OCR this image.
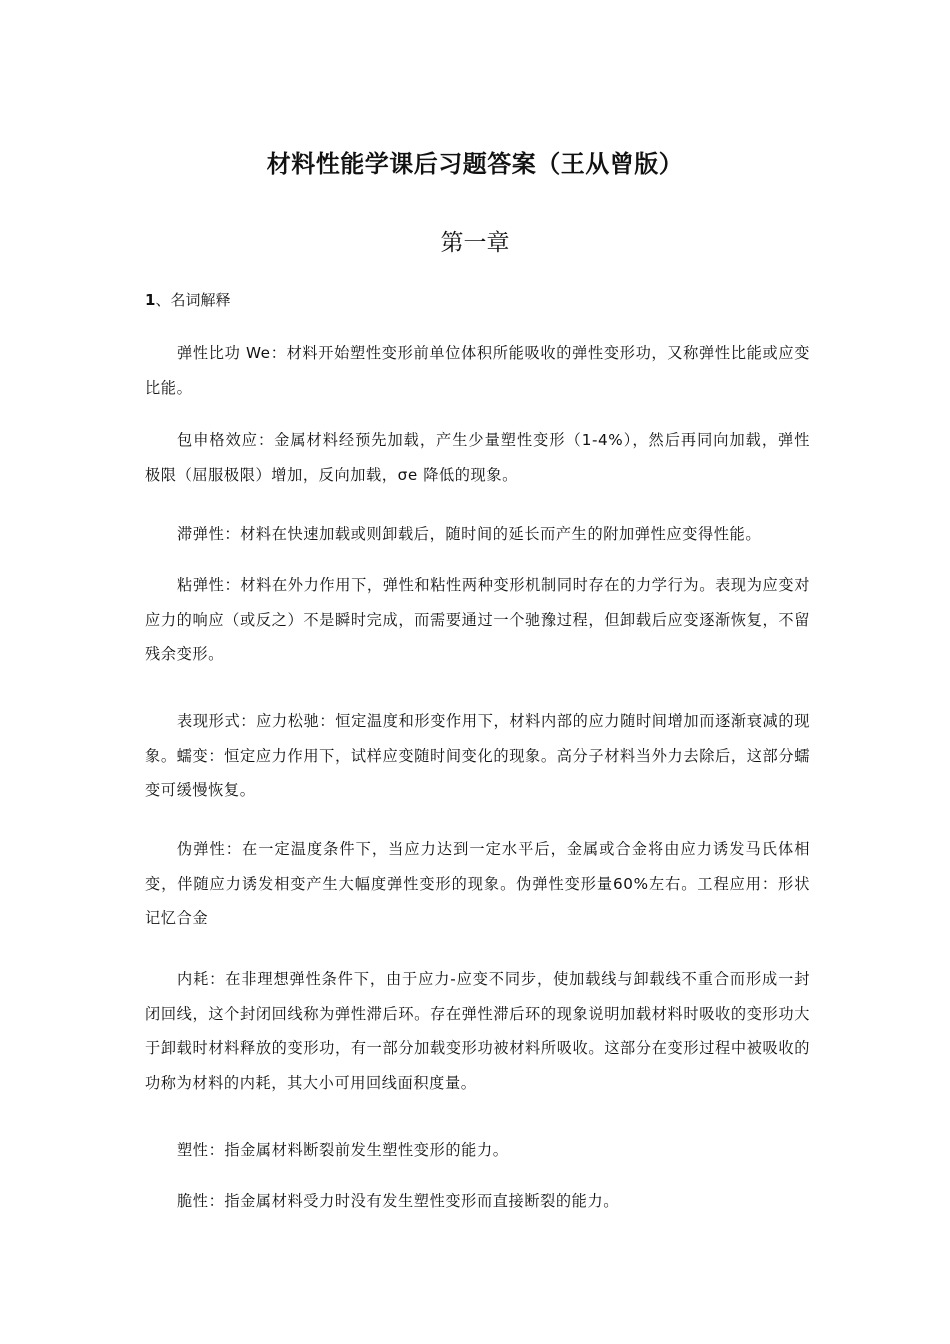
材料性能学课后习题答案（王从曾版）
第一章
1、名词解释

弹性比功 We：材料开始塑性变形前单位体积所能吸收的弹性变形功，又称弹性比能或应变比能。

包申格效应：金属材料经预先加载，产生少量塑性变形（1-4%），然后再同向加载，弹性极限（屈服极限）增加，反向加载，σe 降低的现象。

滞弹性：材料在快速加载或则卸载后，随时间的延长而产生的附加弹性应变得性能。

粘弹性：材料在外力作用下，弹性和粘性两种变形机制同时存在的力学行为。表现为应变对应力的响应（或反之）不是瞬时完成，而需要通过一个驰豫过程，但卸载后应变逐渐恢复，不留残余变形。

表现形式：应力松驰：恒定温度和形变作用下，材料内部的应力随时间增加而逐渐衰减的现象。蠕变：恒定应力作用下，试样应变随时间变化的现象。高分子材料当外力去除后，这部分蠕变可缓慢恢复。

伪弹性：在一定温度条件下，当应力达到一定水平后，金属或合金将由应力诱发马氏体相变，伴随应力诱发相变产生大幅度弹性变形的现象。伪弹性变形量60%左右。工程应用：形状记忆合金

内耗：在非理想弹性条件下，由于应力-应变不同步，使加载线与卸载线不重合而形成一封闭回线，这个封闭回线称为弹性滞后环。存在弹性滞后环的现象说明加载材料时吸收的变形功大于卸载时材料释放的变形功，有一部分加载变形功被材料所吸收。这部分在变形过程中被吸收的功称为材料的内耗，其大小可用回线面积度量。

塑性：指金属材料断裂前发生塑性变形的能力。

脆性：指金属材料受力时没有发生塑性变形而直接断裂的能力。
